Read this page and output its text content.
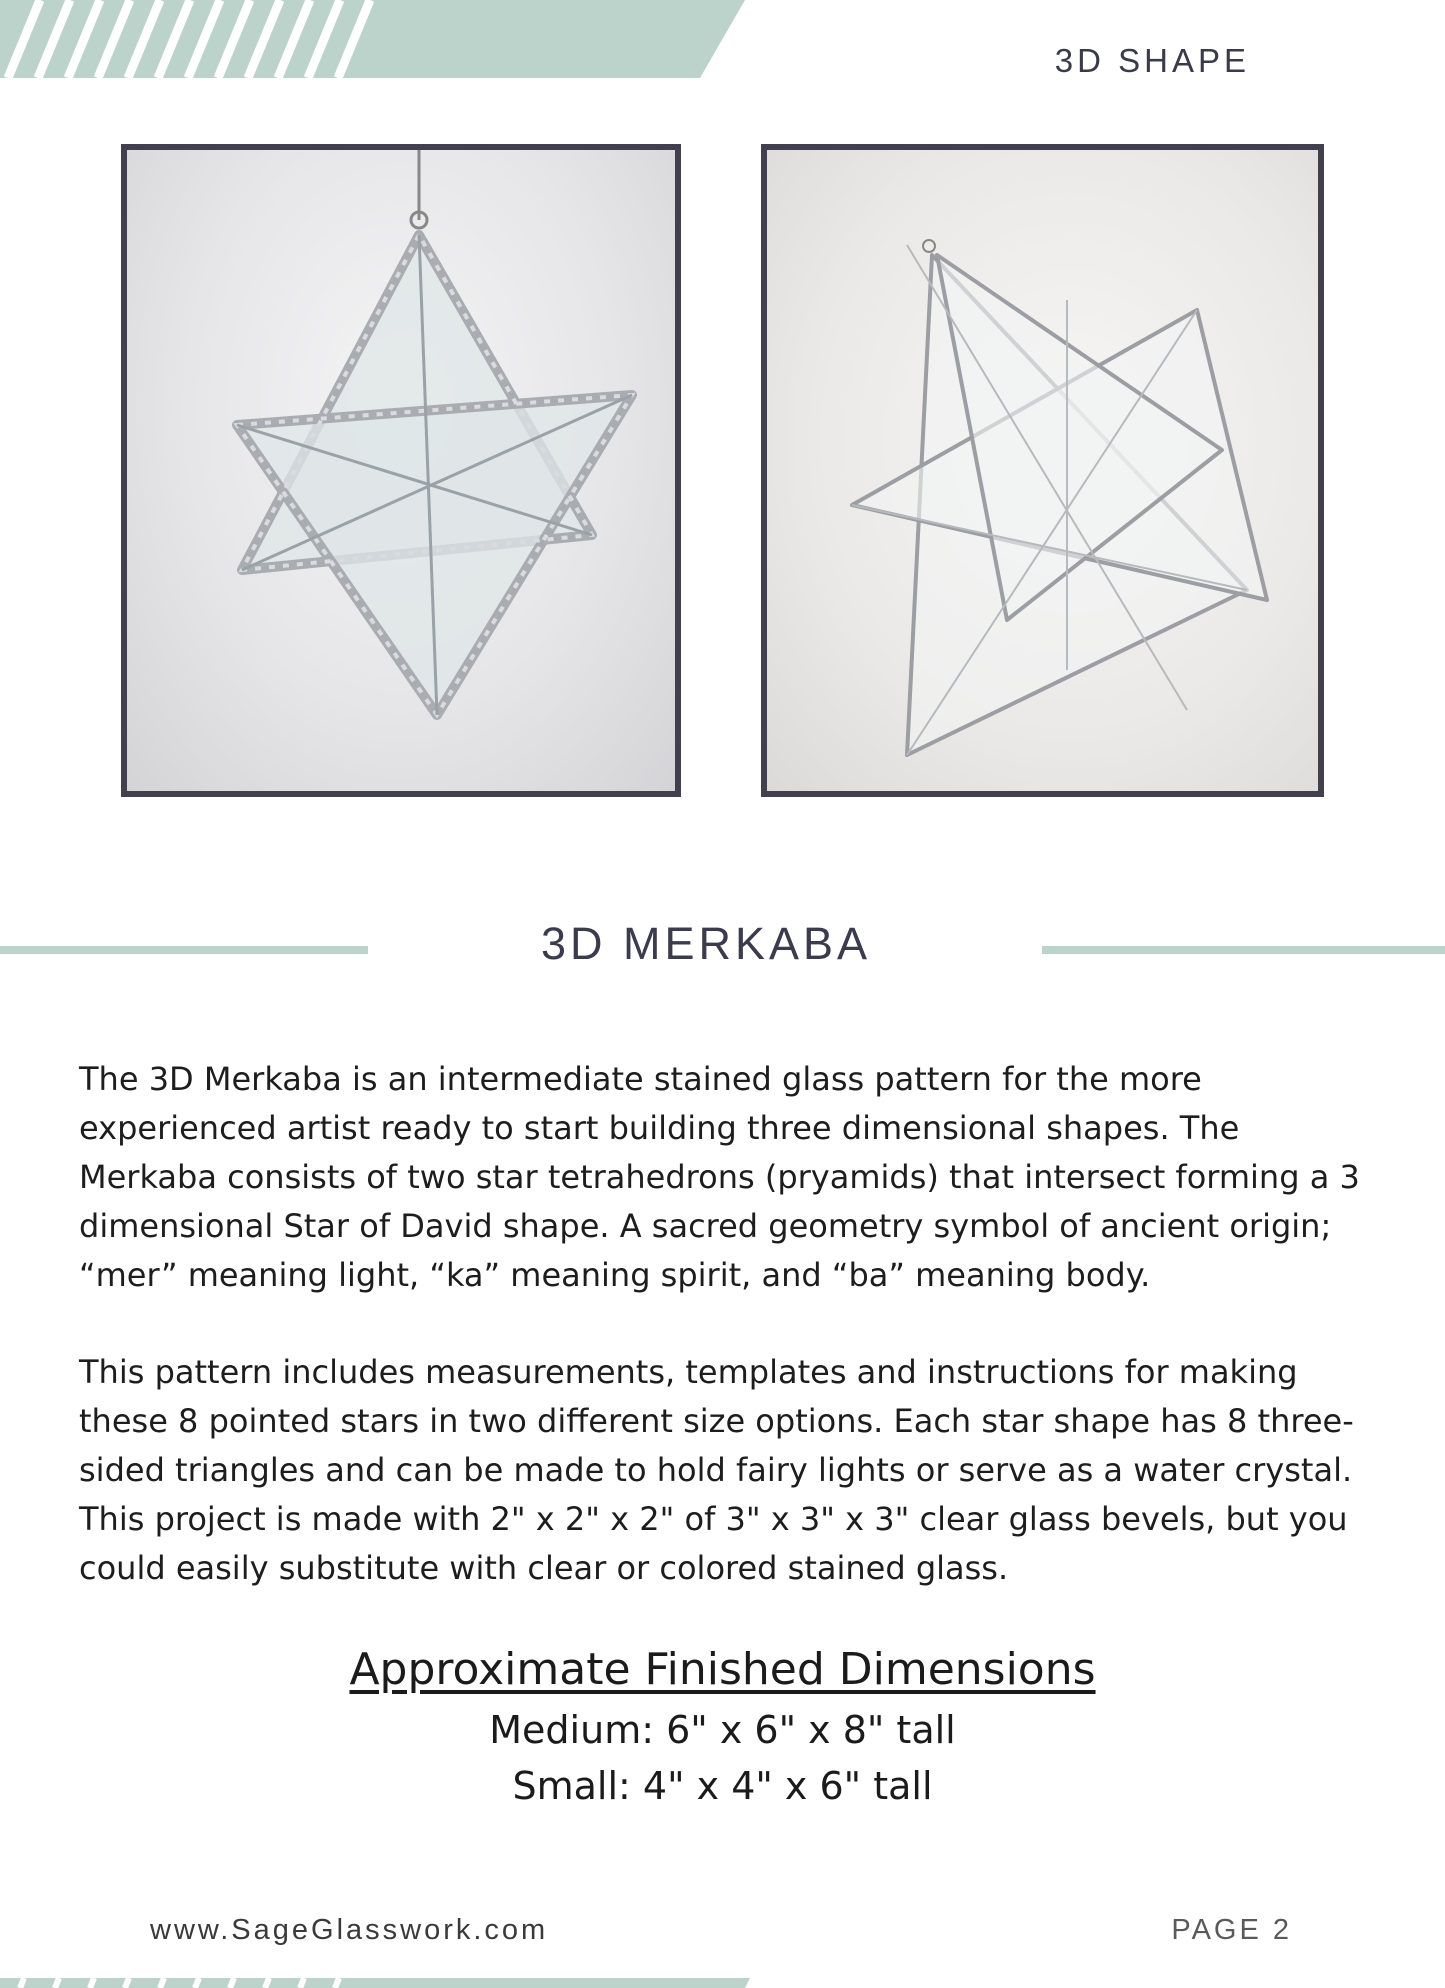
3D SHAPE
3D MERKABA

The 3D Merkaba is an intermediate stained glass pattern for the more experienced artist ready to start building three dimensional shapes. The Merkaba consists of two star tetrahedrons (pryamids) that intersect forming a 3 dimensional Star of David shape. A sacred geometry symbol of ancient origin; “mer” meaning light, “ka” meaning spirit, and “ba” meaning body.

This pattern includes measurements, templates and instructions for making these 8 pointed stars in two different size options. Each star shape has 8 three-sided triangles and can be made to hold fairy lights or serve as a water crystal. This project is made with 2" x 2" x 2" of 3" x 3" x 3" clear glass bevels, but you could easily substitute with clear or colored stained glass.

Approximate Finished Dimensions

Medium: 6" x 6" x 8" tall

Small: 4" x 4" x 6" tall

www.SageGlasswork.com	PAGE 2
